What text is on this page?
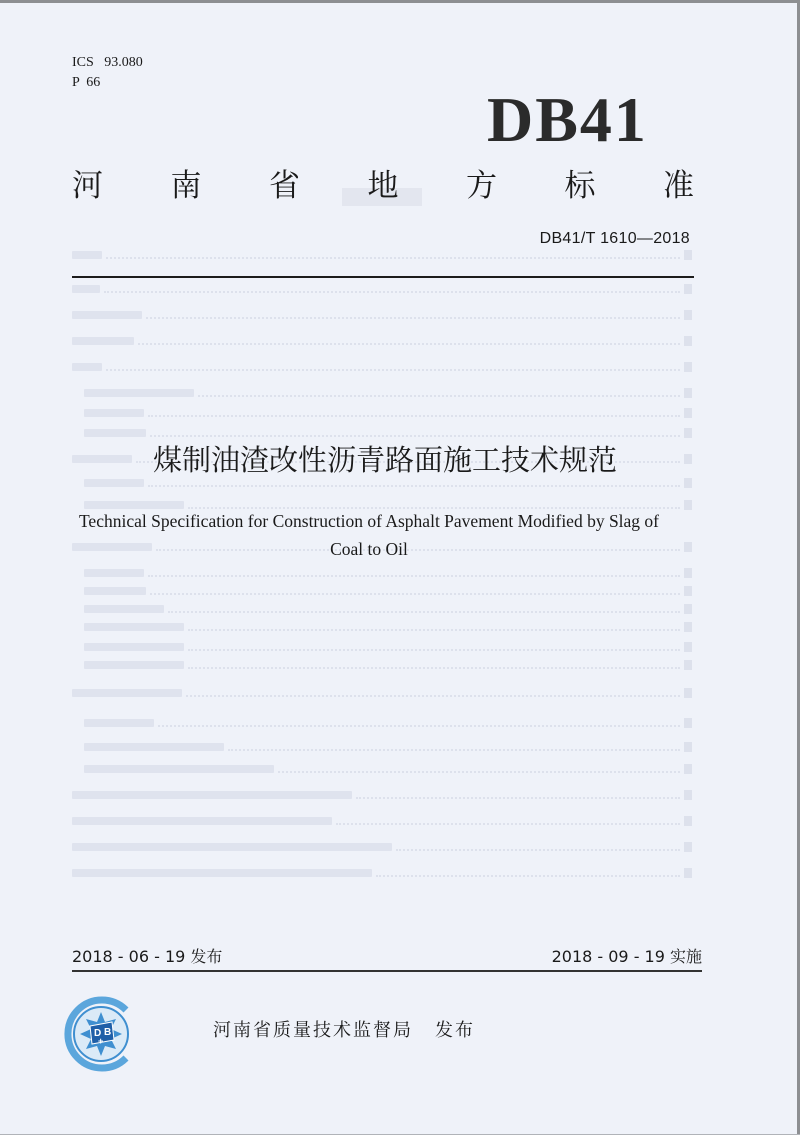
ICS   93.080
P  66
DB41
河 南 省 地 方 标 准
DB41/T 1610—2018
煤制油渣改性沥青路面施工技术规范
Technical Specification for Construction of Asphalt Pavement Modified by Slag of
Coal to Oil
2018 - 06 - 19 发布	2018 - 09 - 19 实施
D B
+	河南省质量技术监督局 发布
